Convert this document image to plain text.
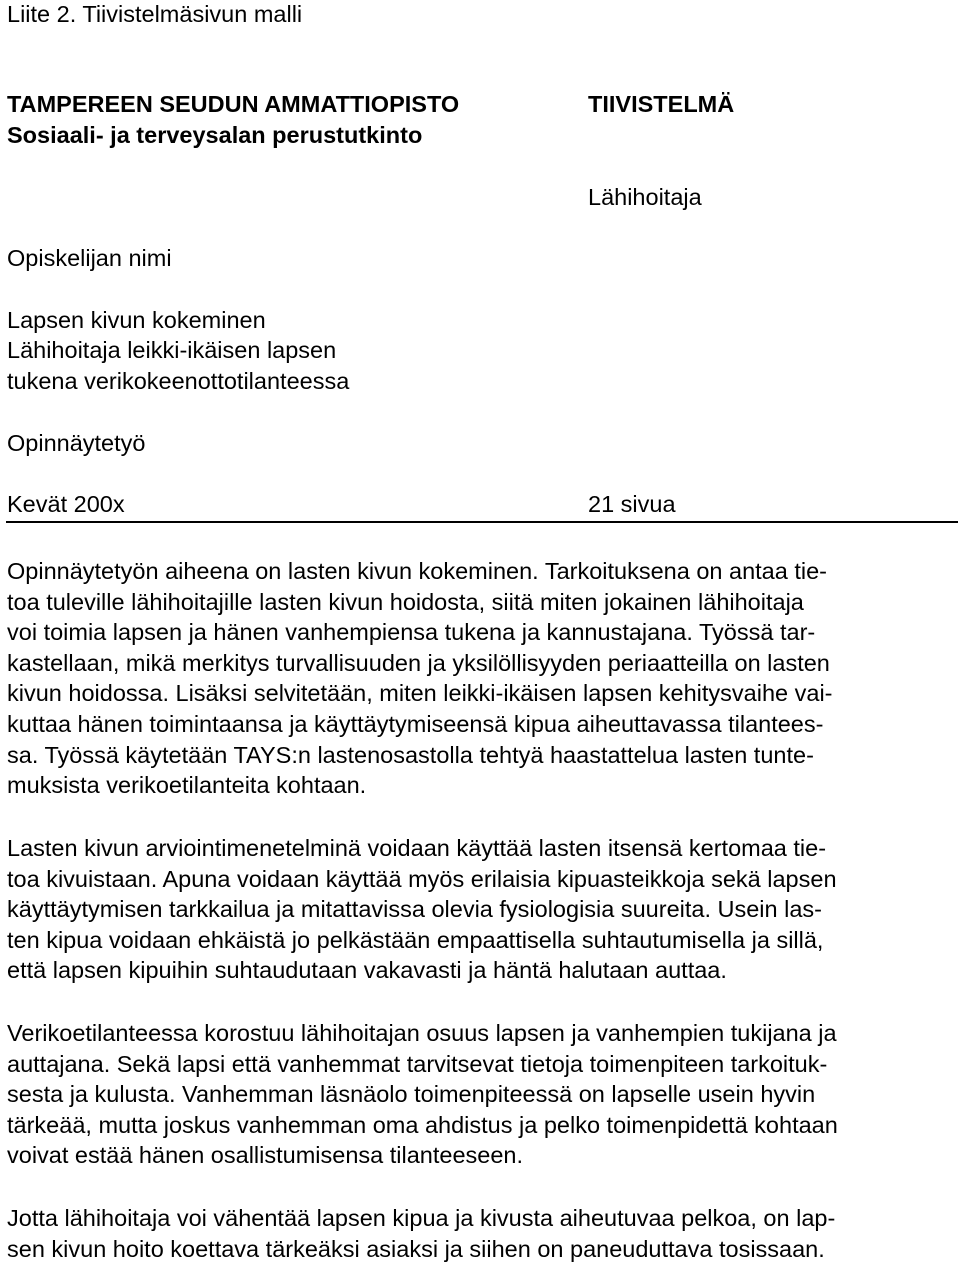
Liite 2. Tiivistelmäsivun malli

TAMPEREEN SEUDUN AMMATTIOPISTO

Sosiaali- ja terveysalan perustutkinto

TIIVISTELMÄ

Lähihoitaja

Opiskelijan nimi

Lapsen kivun kokeminen

Lähihoitaja leikki-ikäisen lapsen

tukena verikokeenottotilanteessa

Opinnäytetyö

Kevät 200x	21 sivua

Opinnäytetyön aiheena on lasten kivun kokeminen. Tarkoituksena on antaa tie-
toa tuleville lähihoitajille lasten kivun hoidosta, siitä miten jokainen lähihoitaja
voi toimia lapsen ja hänen vanhempiensa tukena ja kannustajana. Työssä tar-
kastellaan, mikä merkitys turvallisuuden ja yksilöllisyyden periaatteilla on lasten
kivun hoidossa. Lisäksi selvitetään, miten leikki-ikäisen lapsen kehitysvaihe vai-
kuttaa hänen toimintaansa ja käyttäytymiseensä kipua aiheuttavassa tilantees-
sa. Työssä käytetään TAYS:n lastenosastolla tehtyä haastattelua lasten tunte-
muksista verikoetilanteita kohtaan.
Lasten kivun arviointimenetelminä voidaan käyttää lasten itsensä kertomaa tie-
toa kivuistaan. Apuna voidaan käyttää myös erilaisia kipuasteikkoja sekä lapsen
käyttäytymisen tarkkailua ja mitattavissa olevia fysiologisia suureita. Usein las-
ten kipua voidaan ehkäistä jo pelkästään empaattisella suhtautumisella ja sillä,
että lapsen kipuihin suhtaudutaan vakavasti ja häntä halutaan auttaa.
Verikoetilanteessa korostuu lähihoitajan osuus lapsen ja vanhempien tukijana ja
auttajana. Sekä lapsi että vanhemmat tarvitsevat tietoja toimenpiteen tarkoituk-
sesta ja kulusta. Vanhemman läsnäolo toimenpiteessä on lapselle usein hyvin
tärkeää, mutta joskus vanhemman oma ahdistus ja pelko toimenpidettä kohtaan
voivat estää hänen osallistumisensa tilanteeseen.
Jotta lähihoitaja voi vähentää lapsen kipua ja kivusta aiheutuvaa pelkoa, on lap-
sen kivun hoito koettava tärkeäksi asiaksi ja siihen on paneuduttava tosissaan.
